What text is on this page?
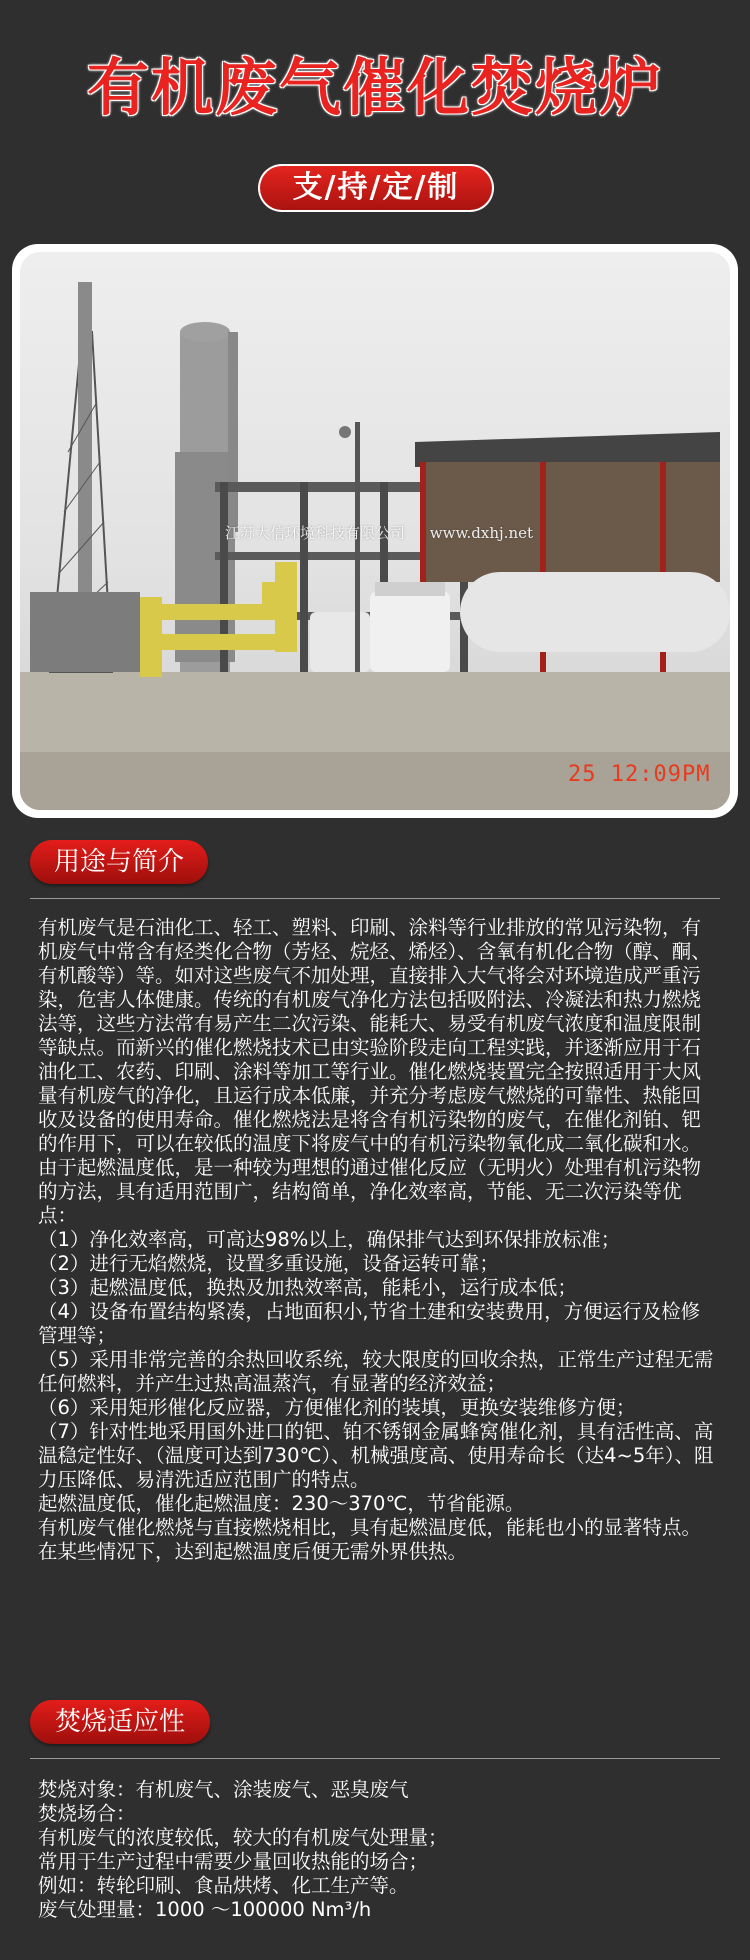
有机废气催化焚烧炉
支/持/定/制
江苏大信环境科技有限公司 www.dxhj.net
25 12:09PM
用途与简介

有机废气是石油化工、轻工、塑料、印刷、涂料等行业排放的常见污染物，有机废气中常含有烃类化合物（芳烃、烷烃、烯烃）、含氧有机化合物（醇、酮、有机酸等）等。如对这些废气不加处理，直接排入大气将会对环境造成严重污染，危害人体健康。传统的有机废气净化方法包括吸附法、冷凝法和热力燃烧法等，这些方法常有易产生二次污染、能耗大、易受有机废气浓度和温度限制等缺点。而新兴的催化燃烧技术已由实验阶段走向工程实践，并逐渐应用于石油化工、农药、印刷、涂料等加工等行业。催化燃烧装置完全按照适用于大风量有机废气的净化，且运行成本低廉，并充分考虑废气燃烧的可靠性、热能回收及设备的使用寿命。催化燃烧法是将含有机污染物的废气，在催化剂铂、钯的作用下，可以在较低的温度下将废气中的有机污染物氧化成二氧化碳和水。由于起燃温度低，是一种较为理想的通过催化反应（无明火）处理有机污染物的方法，具有适用范围广，结构简单，净化效率高，节能、无二次污染等优点：

（1）净化效率高，可高达98%以上，确保排气达到环保排放标准；

（2）进行无焰燃烧，设置多重设施，设备运转可靠；

（3）起燃温度低，换热及加热效率高，能耗小，运行成本低；

（4）设备布置结构紧凑，占地面积小,节省土建和安装费用，方便运行及检修管理等；

（5）采用非常完善的余热回收系统，较大限度的回收余热，正常生产过程无需任何燃料，并产生过热高温蒸汽，有显著的经济效益；

（6）采用矩形催化反应器，方便催化剂的装填，更换安装维修方便；

（7）针对性地采用国外进口的钯、铂不锈钢金属蜂窝催化剂，具有活性高、高温稳定性好、（温度可达到730℃）、机械强度高、使用寿命长（达4~5年）、阻力压降低、易清洗适应范围广的特点。

起燃温度低，催化起燃温度：230～370℃，节省能源。

有机废气催化燃烧与直接燃烧相比，具有起燃温度低，能耗也小的显著特点。在某些情况下，达到起燃温度后便无需外界供热。

焚烧适应性

焚烧对象：有机废气、涂装废气、恶臭废气

焚烧场合：

有机废气的浓度较低，较大的有机废气处理量；

常用于生产过程中需要少量回收热能的场合；

例如：转轮印刷、食品烘烤、化工生产等。

废气处理量：1000 ～100000 Nm³/h
